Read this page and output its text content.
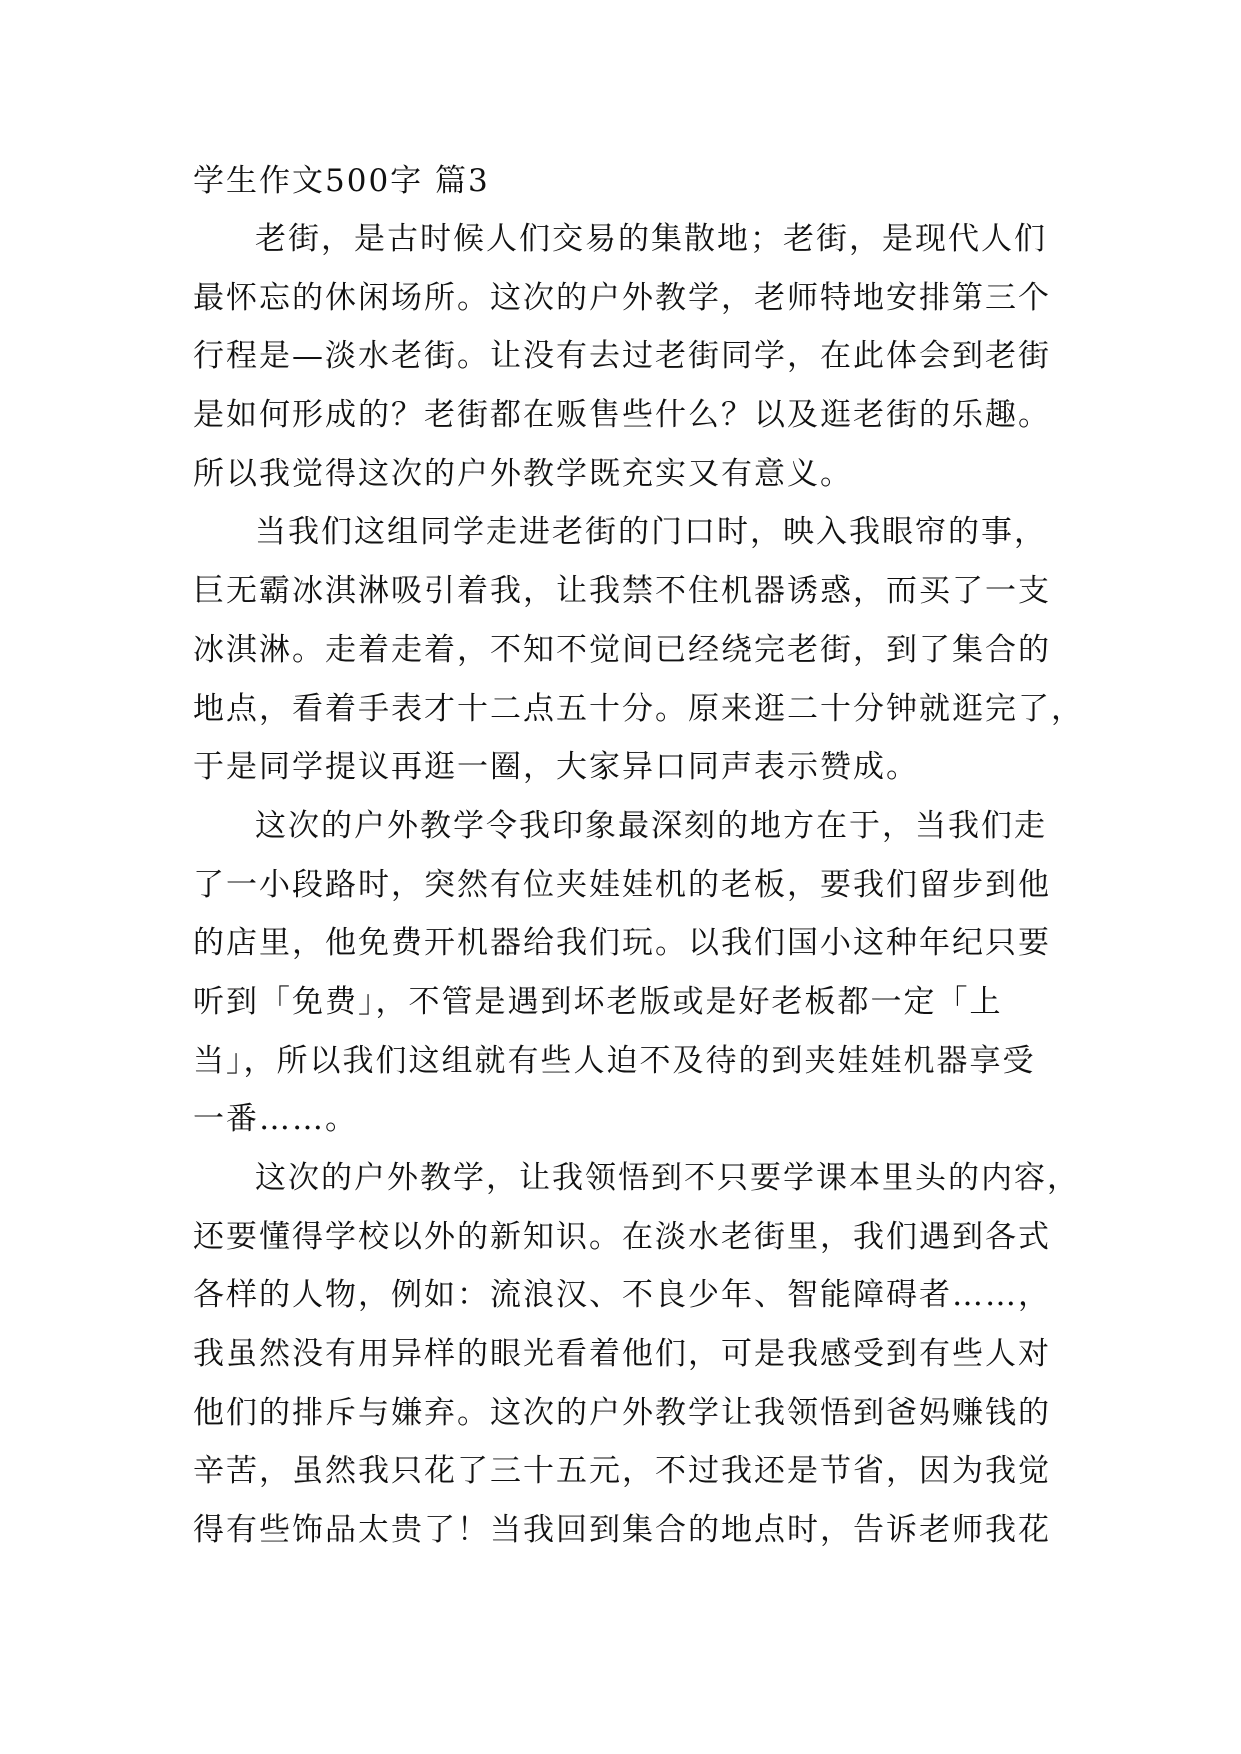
学生作文500字 篇3

老街，是古时候人们交易的集散地；老街，是现代人们
最怀忘的休闲场所。这次的户外教学，老师特地安排第三个
行程是—淡水老街。让没有去过老街同学，在此体会到老街
是如何形成的？老街都在贩售些什么？以及逛老街的乐趣。
所以我觉得这次的户外教学既充实又有意义。

当我们这组同学走进老街的门口时，映入我眼帘的事，
巨无霸冰淇淋吸引着我，让我禁不住机器诱惑，而买了一支
冰淇淋。走着走着，不知不觉间已经绕完老街，到了集合的
地点，看着手表才十二点五十分。原来逛二十分钟就逛完了，
于是同学提议再逛一圈，大家异口同声表示赞成。

这次的户外教学令我印象最深刻的地方在于，当我们走
了一小段路时，突然有位夹娃娃机的老板，要我们留步到他
的店里，他免费开机器给我们玩。以我们国小这种年纪只要
听到「免费」，不管是遇到坏老版或是好老板都一定「上
当」，所以我们这组就有些人迫不及待的到夹娃娃机器享受
一番……。

这次的户外教学，让我领悟到不只要学课本里头的内容，
还要懂得学校以外的新知识。在淡水老街里，我们遇到各式
各样的人物，例如：流浪汉、不良少年、智能障碍者……，
我虽然没有用异样的眼光看着他们，可是我感受到有些人对
他们的排斥与嫌弃。这次的户外教学让我领悟到爸妈赚钱的
辛苦，虽然我只花了三十五元，不过我还是节省，因为我觉
得有些饰品太贵了！当我回到集合的地点时，告诉老师我花
